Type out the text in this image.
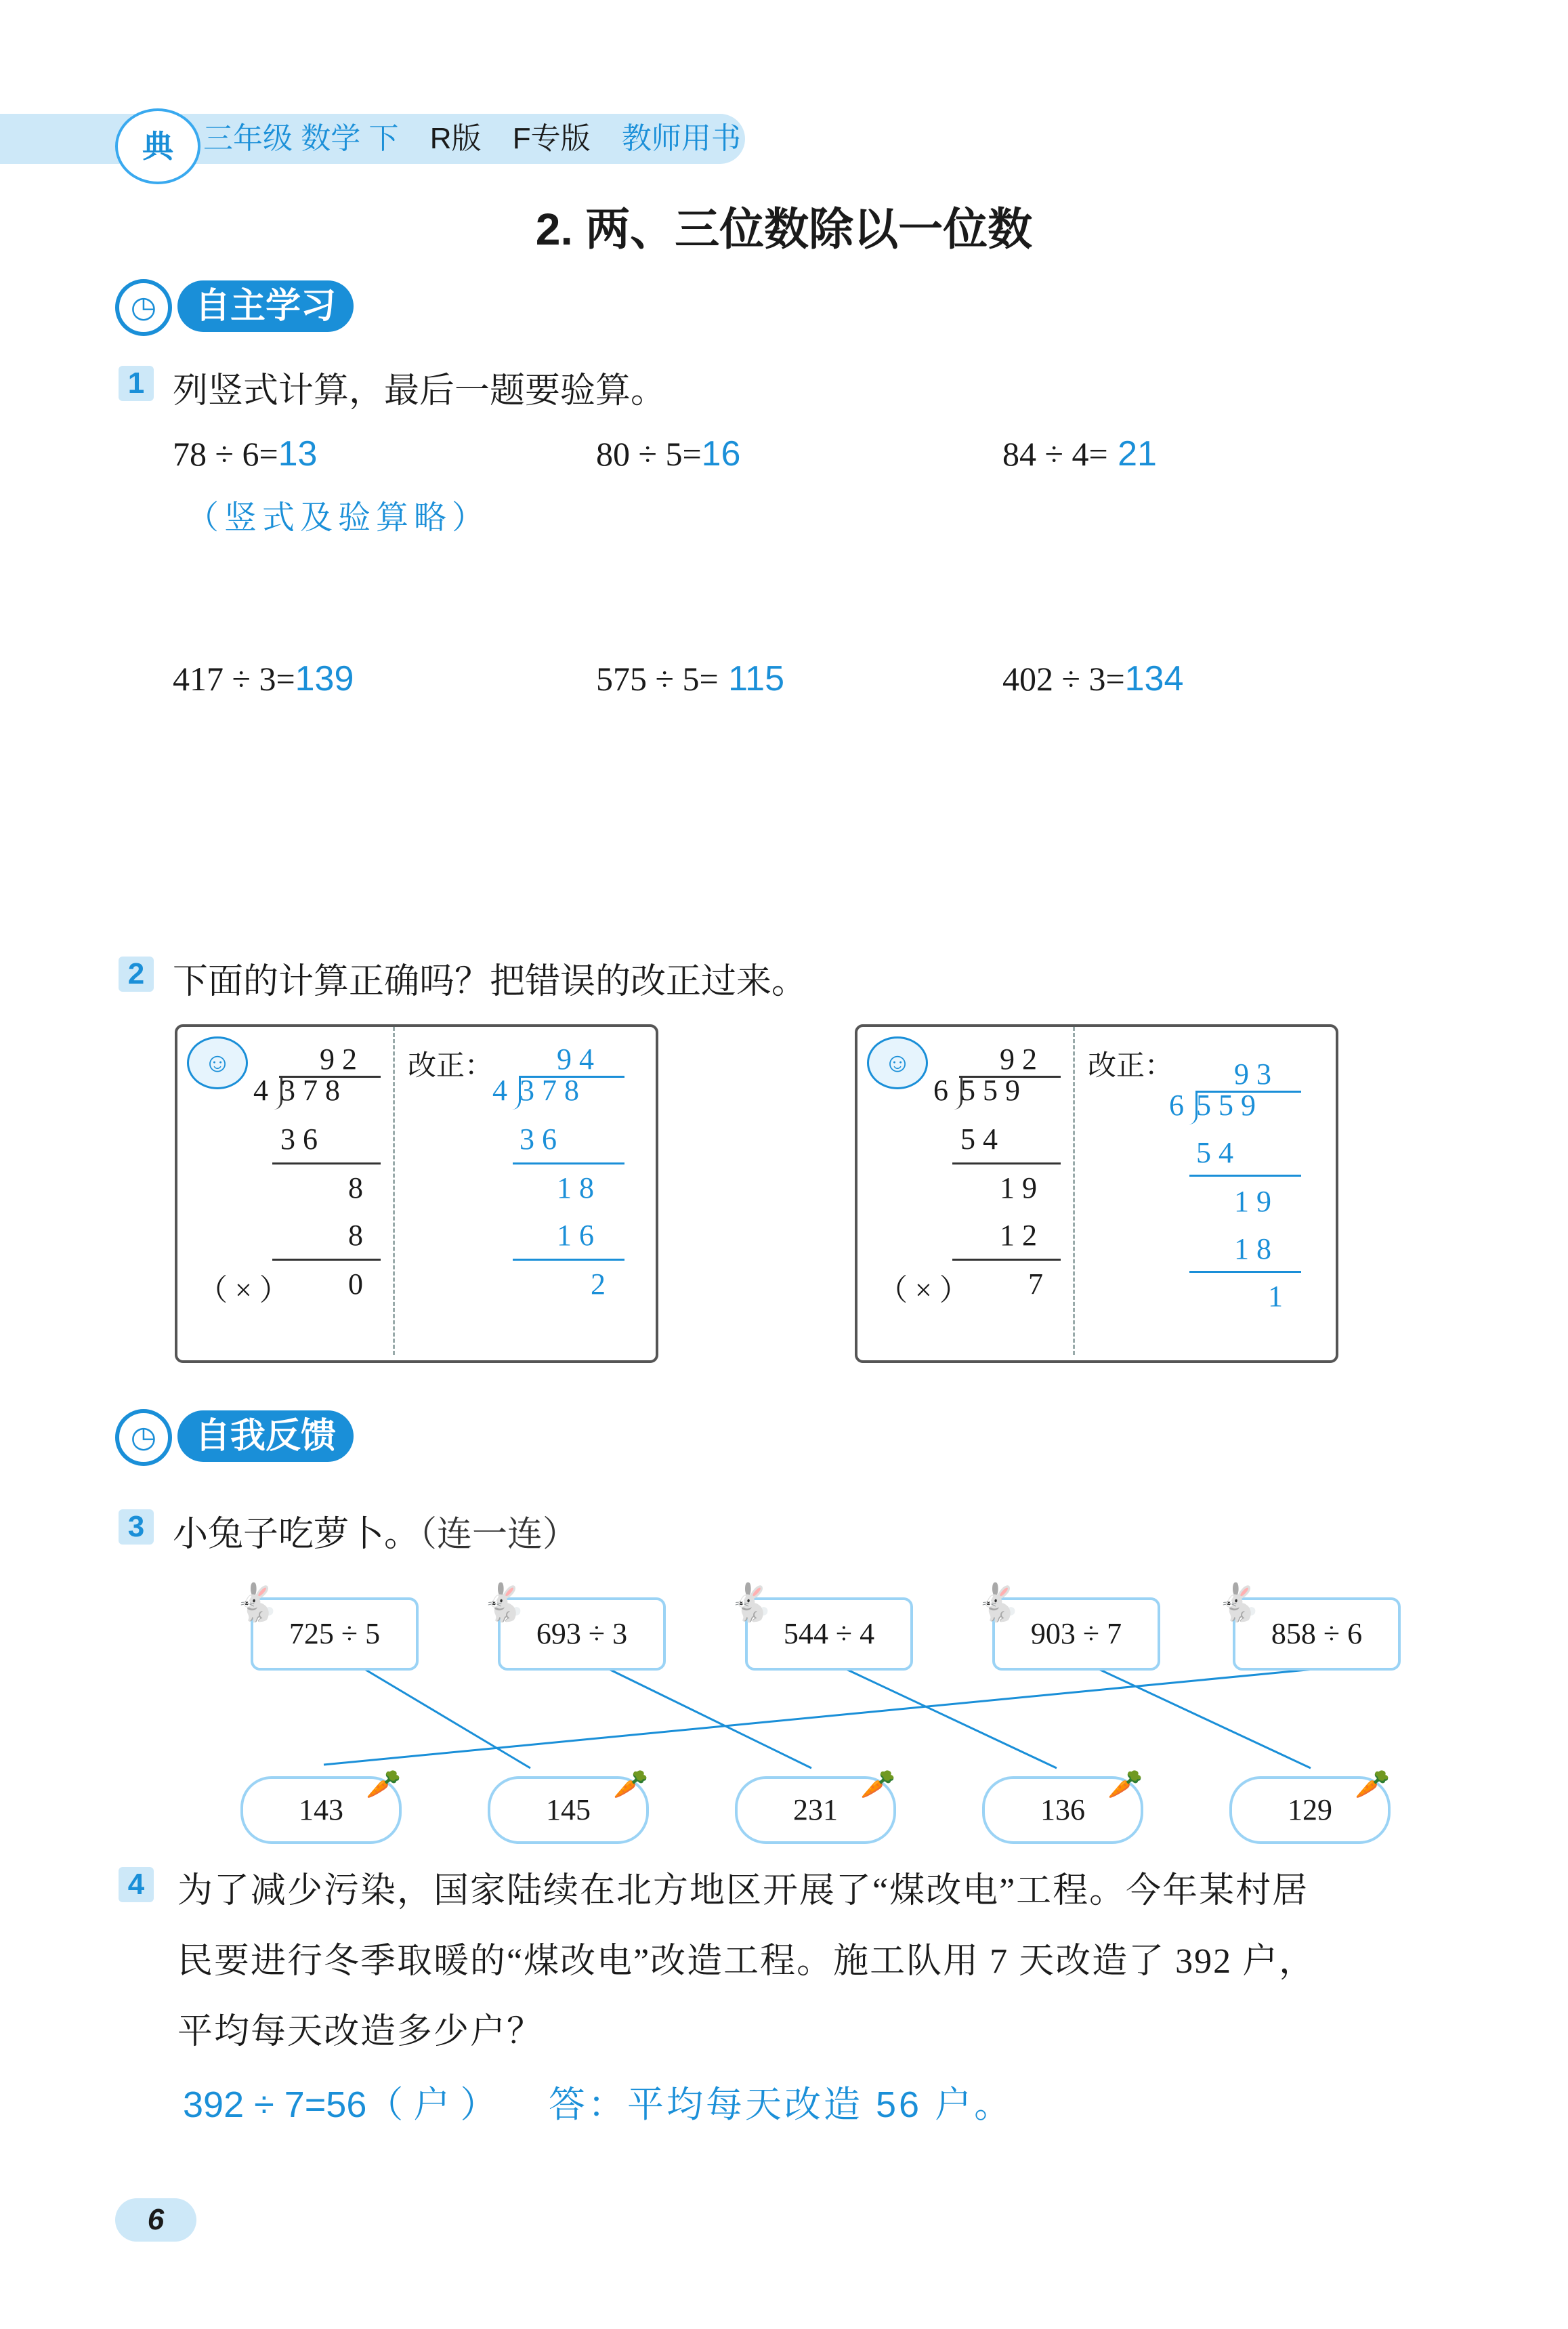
典	三年级 数学 下 R版 F专版 教师用书
2. 两、三位数除以一位数
◷	自主学习
1 列竖式计算，最后一题要验算。
78 ÷ 6=13	80 ÷ 5=16	84 ÷ 4= 21
（竖式及验算略）
417 ÷ 3=139	575 ÷ 5= 115	402 ÷ 3=134
2 下面的计算正确吗？把错误的改正过来。
☺	9 2
4 3 7 8
3 6
8
8
0
（ × ）
改正： 9 4
4 3 7 8
3 6
1 8
1 6
2
☺	9 2
6 5 5 9
5 4
1 9
1 2
7
（ × ）
改正： 9 3
6 5 5 9
5 4
1 9
1 8
1
◷	自我反馈
3 小兔子吃萝卜。（连一连）
725 ÷ 5	693 ÷ 3	544 ÷ 4	903 ÷ 7	858 ÷ 6
🐇	🐇	🐇	🐇	🐇
143	145	231	136	129
🥕	🥕	🥕	🥕	🥕
4 为了减少污染，国家陆续在北方地区开展了“煤改电”工程。今年某村居
民要进行冬季取暖的“煤改电”改造工程。施工队用 7 天改造了 392 户，
平均每天改造多少户？
392 ÷ 7=56（ 户 ） 答：平均每天改造 56 户。
6
